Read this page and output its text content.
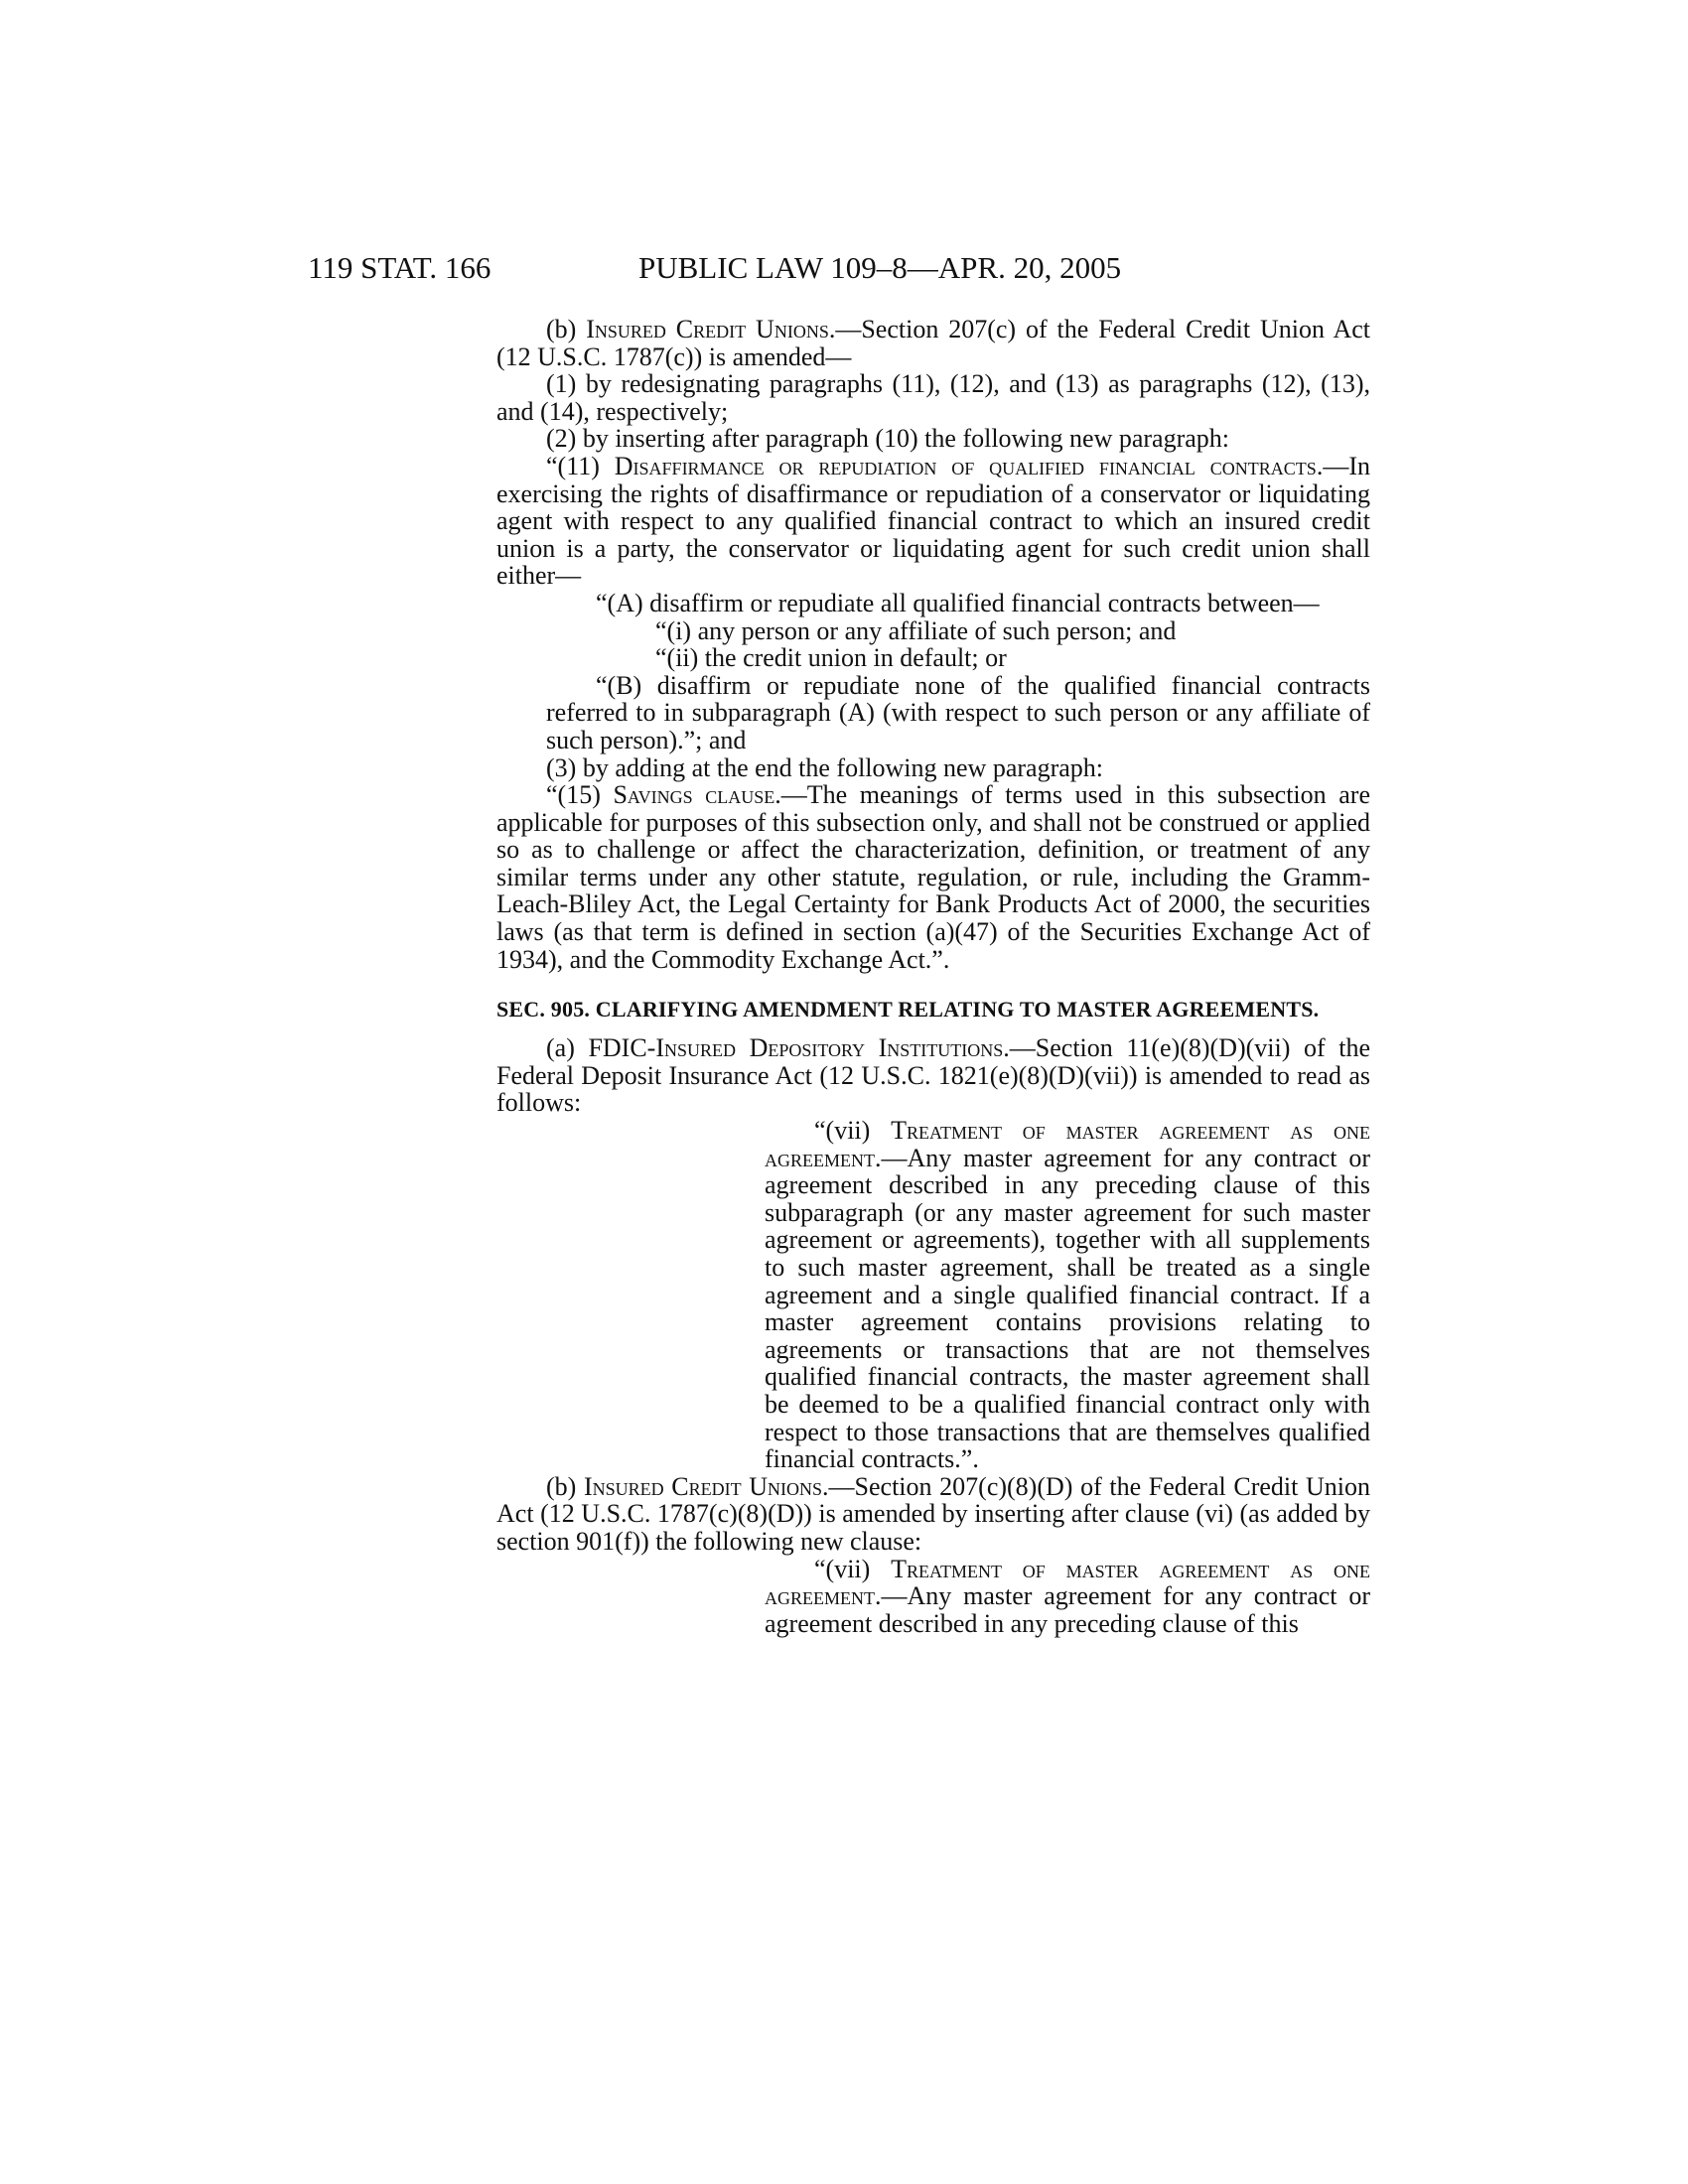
119 STAT. 166	PUBLIC LAW 109–8—APR. 20, 2005

(b) Insured Credit Unions.—Section 207(c) of the Federal Credit Union Act (12 U.S.C. 1787(c)) is amended—

(1) by redesignating paragraphs (11), (12), and (13) as paragraphs (12), (13), and (14), respectively;

(2) by inserting after paragraph (10) the following new paragraph:

“(11) Disaffirmance or repudiation of qualified financial contracts.—In exercising the rights of disaffirmance or repudiation of a conservator or liquidating agent with respect to any qualified financial contract to which an insured credit union is a party, the conservator or liquidating agent for such credit union shall either—

“(A) disaffirm or repudiate all qualified financial contracts between—

“(i) any person or any affiliate of such person; and

“(ii) the credit union in default; or

“(B) disaffirm or repudiate none of the qualified financial contracts referred to in subparagraph (A) (with respect to such person or any affiliate of such person).”; and

(3) by adding at the end the following new paragraph:

“(15) Savings clause.—The meanings of terms used in this subsection are applicable for purposes of this subsection only, and shall not be construed or applied so as to challenge or affect the characterization, definition, or treatment of any similar terms under any other statute, regulation, or rule, including the Gramm-Leach-Bliley Act, the Legal Certainty for Bank Products Act of 2000, the securities laws (as that term is defined in section (a)(47) of the Securities Exchange Act of 1934), and the Commodity Exchange Act.”.

SEC. 905. CLARIFYING AMENDMENT RELATING TO MASTER AGREEMENTS.

(a) FDIC-Insured Depository Institutions.—Section 11(e)(8)(D)(vii) of the Federal Deposit Insurance Act (12 U.S.C. 1821(e)(8)(D)(vii)) is amended to read as follows:

“(vii) Treatment of master agreement as one agreement.—Any master agreement for any contract or agreement described in any preceding clause of this subparagraph (or any master agreement for such master agreement or agreements), together with all supplements to such master agreement, shall be treated as a single agreement and a single qualified financial contract. If a master agreement contains provisions relating to agreements or transactions that are not themselves qualified financial contracts, the master agreement shall be deemed to be a qualified financial contract only with respect to those transactions that are themselves qualified financial contracts.”.

(b) Insured Credit Unions.—Section 207(c)(8)(D) of the Federal Credit Union Act (12 U.S.C. 1787(c)(8)(D)) is amended by inserting after clause (vi) (as added by section 901(f)) the following new clause:

“(vii) Treatment of master agreement as one agreement.—Any master agreement for any contract or agreement described in any preceding clause of this
